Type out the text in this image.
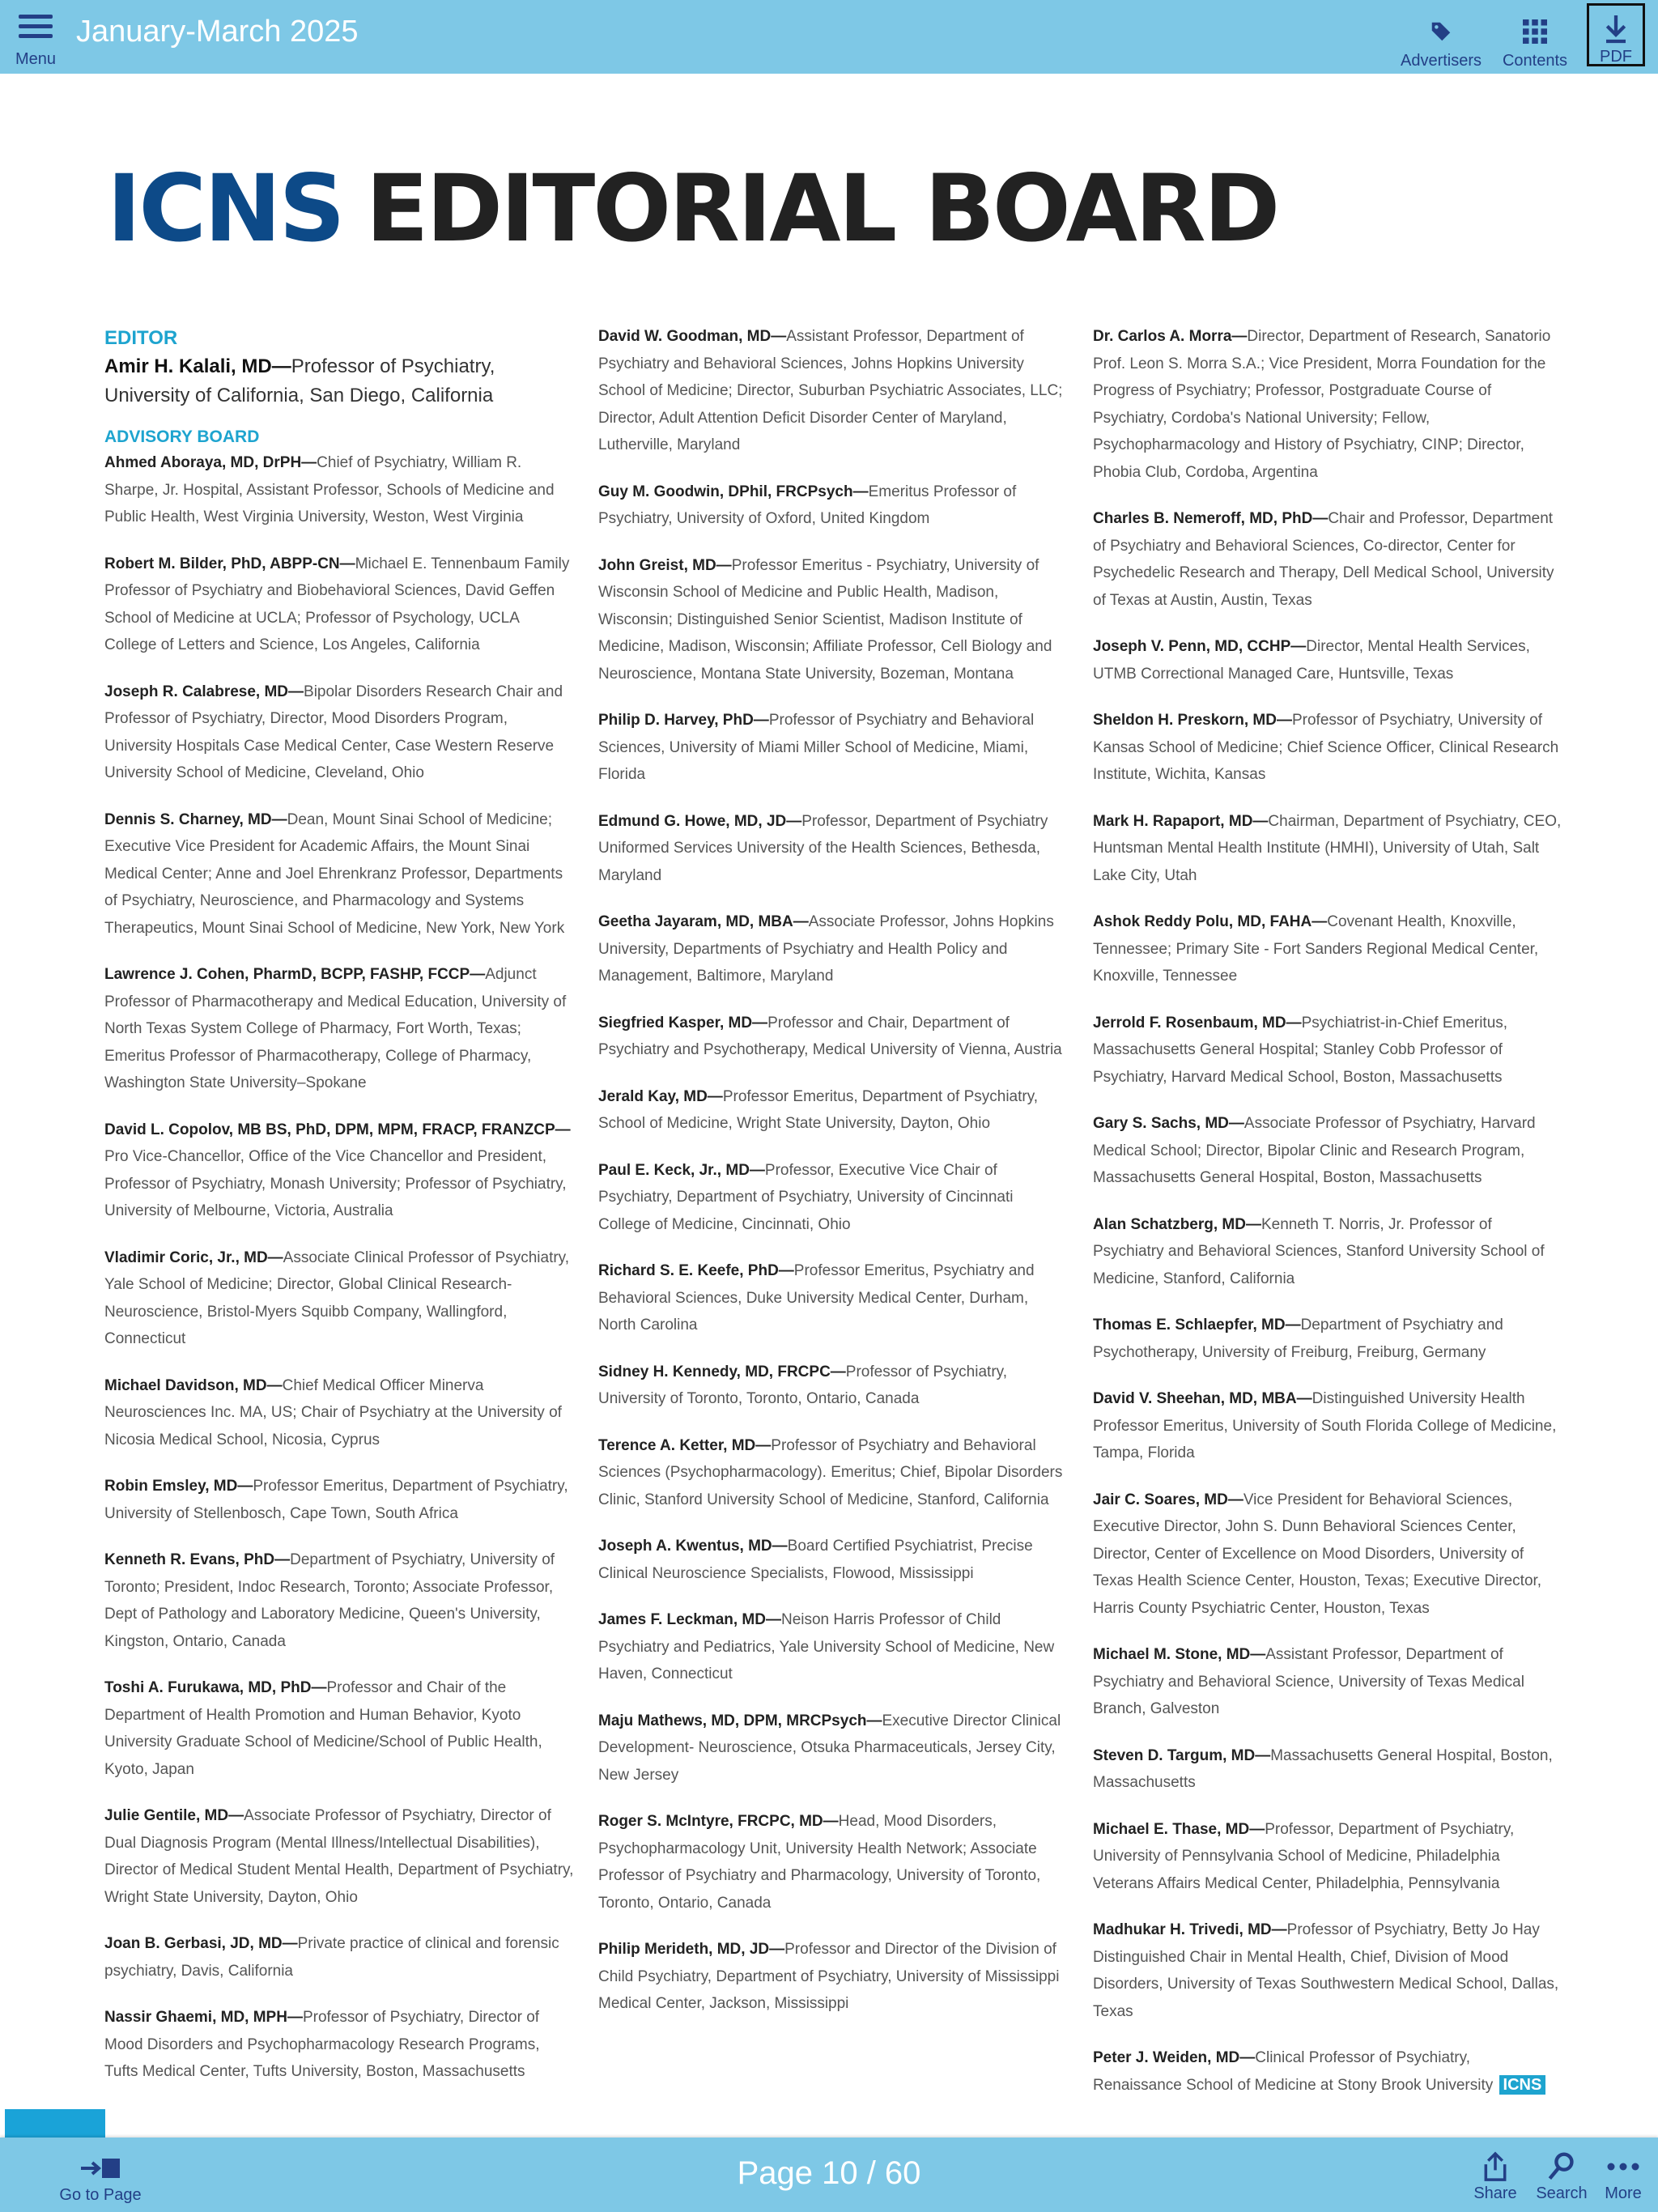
Menu
January-March 2025
Advertisers	Contents	PDF
ICNS EDITORIAL BOARD
EDITOR
Amir H. Kalali, MD—Professor of Psychiatry, University of California, San Diego, California
ADVISORY BOARD
Ahmed Aboraya, MD, DrPH—Chief of Psychiatry, William R. Sharpe, Jr. Hospital, Assistant Professor, Schools of Medicine and Public Health, West Virginia University, Weston, West Virginia
Robert M. Bilder, PhD, ABPP-CN—Michael E. Tennenbaum Family Professor of Psychiatry and Biobehavioral Sciences, David Geffen School of Medicine at UCLA; Professor of Psychology, UCLA College of Letters and Science, Los Angeles, California
Joseph R. Calabrese, MD—Bipolar Disorders Research Chair and Professor of Psychiatry, Director, Mood Disorders Program, University Hospitals Case Medical Center, Case Western Reserve University School of Medicine, Cleveland, Ohio
Dennis S. Charney, MD—Dean, Mount Sinai School of Medicine; Executive Vice President for Academic Affairs, the Mount Sinai Medical Center; Anne and Joel Ehrenkranz Professor, Departments of Psychiatry, Neuroscience, and Pharmacology and Systems Therapeutics, Mount Sinai School of Medicine, New York, New York
Lawrence J. Cohen, PharmD, BCPP, FASHP, FCCP—Adjunct Professor of Pharmacotherapy and Medical Education, University of North Texas System College of Pharmacy, Fort Worth, Texas; Emeritus Professor of Pharmacotherapy, College of Pharmacy, Washington State University–Spokane
David L. Copolov, MB BS, PhD, DPM, MPM, FRACP, FRANZCP—Pro Vice-Chancellor, Office of the Vice Chancellor and President, Professor of Psychiatry, Monash University; Professor of Psychiatry, University of Melbourne, Victoria, Australia
Vladimir Coric, Jr., MD—Associate Clinical Professor of Psychiatry, Yale School of Medicine; Director, Global Clinical Research-Neuroscience, Bristol-Myers Squibb Company, Wallingford, Connecticut
Michael Davidson, MD—Chief Medical Officer Minerva Neurosciences Inc. MA, US; Chair of Psychiatry at the University of Nicosia Medical School, Nicosia, Cyprus
Robin Emsley, MD—Professor Emeritus, Department of Psychiatry, University of Stellenbosch, Cape Town, South Africa
Kenneth R. Evans, PhD—Department of Psychiatry, University of Toronto; President, Indoc Research, Toronto; Associate Professor, Dept of Pathology and Laboratory Medicine, Queen's University, Kingston, Ontario, Canada
Toshi A. Furukawa, MD, PhD—Professor and Chair of the Department of Health Promotion and Human Behavior, Kyoto University Graduate School of Medicine/School of Public Health, Kyoto, Japan
Julie Gentile, MD—Associate Professor of Psychiatry, Director of Dual Diagnosis Program (Mental Illness/Intellectual Disabilities), Director of Medical Student Mental Health, Department of Psychiatry, Wright State University, Dayton, Ohio
Joan B. Gerbasi, JD, MD—Private practice of clinical and forensic psychiatry, Davis, California
Nassir Ghaemi, MD, MPH—Professor of Psychiatry, Director of Mood Disorders and Psychopharmacology Research Programs, Tufts Medical Center, Tufts University, Boston, Massachusetts
David W. Goodman, MD—Assistant Professor, Department of Psychiatry and Behavioral Sciences, Johns Hopkins University School of Medicine; Director, Suburban Psychiatric Associates, LLC; Director, Adult Attention Deficit Disorder Center of Maryland, Lutherville, Maryland
Guy M. Goodwin, DPhil, FRCPsych—Emeritus Professor of Psychiatry, University of Oxford, United Kingdom
John Greist, MD—Professor Emeritus - Psychiatry, University of Wisconsin School of Medicine and Public Health, Madison, Wisconsin; Distinguished Senior Scientist, Madison Institute of Medicine, Madison, Wisconsin; Affiliate Professor, Cell Biology and Neuroscience, Montana State University, Bozeman, Montana
Philip D. Harvey, PhD—Professor of Psychiatry and Behavioral Sciences, University of Miami Miller School of Medicine, Miami, Florida
Edmund G. Howe, MD, JD—Professor, Department of Psychiatry Uniformed Services University of the Health Sciences, Bethesda, Maryland
Geetha Jayaram, MD, MBA—Associate Professor, Johns Hopkins University, Departments of Psychiatry and Health Policy and Management, Baltimore, Maryland
Siegfried Kasper, MD—Professor and Chair, Department of Psychiatry and Psychotherapy, Medical University of Vienna, Austria
Jerald Kay, MD—Professor Emeritus, Department of Psychiatry, School of Medicine, Wright State University, Dayton, Ohio
Paul E. Keck, Jr., MD—Professor, Executive Vice Chair of Psychiatry, Department of Psychiatry, University of Cincinnati College of Medicine, Cincinnati, Ohio
Richard S. E. Keefe, PhD—Professor Emeritus, Psychiatry and Behavioral Sciences, Duke University Medical Center, Durham, North Carolina
Sidney H. Kennedy, MD, FRCPC—Professor of Psychiatry, University of Toronto, Toronto, Ontario, Canada
Terence A. Ketter, MD—Professor of Psychiatry and Behavioral Sciences (Psychopharmacology). Emeritus; Chief, Bipolar Disorders Clinic, Stanford University School of Medicine, Stanford, California
Joseph A. Kwentus, MD—Board Certified Psychiatrist, Precise Clinical Neuroscience Specialists, Flowood, Mississippi
James F. Leckman, MD—Neison Harris Professor of Child Psychiatry and Pediatrics, Yale University School of Medicine, New Haven, Connecticut
Maju Mathews, MD, DPM, MRCPsych—Executive Director Clinical Development- Neuroscience, Otsuka Pharmaceuticals, Jersey City, New Jersey
Roger S. McIntyre, FRCPC, MD—Head, Mood Disorders, Psychopharmacology Unit, University Health Network; Associate Professor of Psychiatry and Pharmacology, University of Toronto, Toronto, Ontario, Canada
Philip Merideth, MD, JD—Professor and Director of the Division of Child Psychiatry, Department of Psychiatry, University of Mississippi Medical Center, Jackson, Mississippi
Dr. Carlos A. Morra—Director, Department of Research, Sanatorio Prof. Leon S. Morra S.A.; Vice President, Morra Foundation for the Progress of Psychiatry; Professor, Postgraduate Course of Psychiatry, Cordoba's National University; Fellow, Psychopharmacology and History of Psychiatry, CINP; Director, Phobia Club, Cordoba, Argentina
Charles B. Nemeroff, MD, PhD—Chair and Professor, Department of Psychiatry and Behavioral Sciences, Co-director, Center for Psychedelic Research and Therapy, Dell Medical School, University of Texas at Austin, Austin, Texas
Joseph V. Penn, MD, CCHP—Director, Mental Health Services, UTMB Correctional Managed Care, Huntsville, Texas
Sheldon H. Preskorn, MD—Professor of Psychiatry, University of Kansas School of Medicine; Chief Science Officer, Clinical Research Institute, Wichita, Kansas
Mark H. Rapaport, MD—Chairman, Department of Psychiatry, CEO, Huntsman Mental Health Institute (HMHI), University of Utah, Salt Lake City, Utah
Ashok Reddy Polu, MD, FAHA—Covenant Health, Knoxville, Tennessee; Primary Site - Fort Sanders Regional Medical Center, Knoxville, Tennessee
Jerrold F. Rosenbaum, MD—Psychiatrist-in-Chief Emeritus, Massachusetts General Hospital; Stanley Cobb Professor of Psychiatry, Harvard Medical School, Boston, Massachusetts
Gary S. Sachs, MD—Associate Professor of Psychiatry, Harvard Medical School; Director, Bipolar Clinic and Research Program, Massachusetts General Hospital, Boston, Massachusetts
Alan Schatzberg, MD—Kenneth T. Norris, Jr. Professor of Psychiatry and Behavioral Sciences, Stanford University School of Medicine, Stanford, California
Thomas E. Schlaepfer, MD—Department of Psychiatry and Psychotherapy, University of Freiburg, Freiburg, Germany
David V. Sheehan, MD, MBA—Distinguished University Health Professor Emeritus, University of South Florida College of Medicine, Tampa, Florida
Jair C. Soares, MD—Vice President for Behavioral Sciences, Executive Director, John S. Dunn Behavioral Sciences Center, Director, Center of Excellence on Mood Disorders, University of Texas Health Science Center, Houston, Texas; Executive Director, Harris County Psychiatric Center, Houston, Texas
Michael M. Stone, MD—Assistant Professor, Department of Psychiatry and Behavioral Science, University of Texas Medical Branch, Galveston
Steven D. Targum, MD—Massachusetts General Hospital, Boston, Massachusetts
Michael E. Thase, MD—Professor, Department of Psychiatry, University of Pennsylvania School of Medicine, Philadelphia Veterans Affairs Medical Center, Philadelphia, Pennsylvania
Madhukar H. Trivedi, MD—Professor of Psychiatry, Betty Jo Hay Distinguished Chair in Mental Health, Chief, Division of Mood Disorders, University of Texas Southwestern Medical School, Dallas, Texas
Peter J. Weiden, MD—Clinical Professor of Psychiatry, Renaissance School of Medicine at Stony Brook University ICNS
Go to Page
Page 10 / 60
Share	Search	More
